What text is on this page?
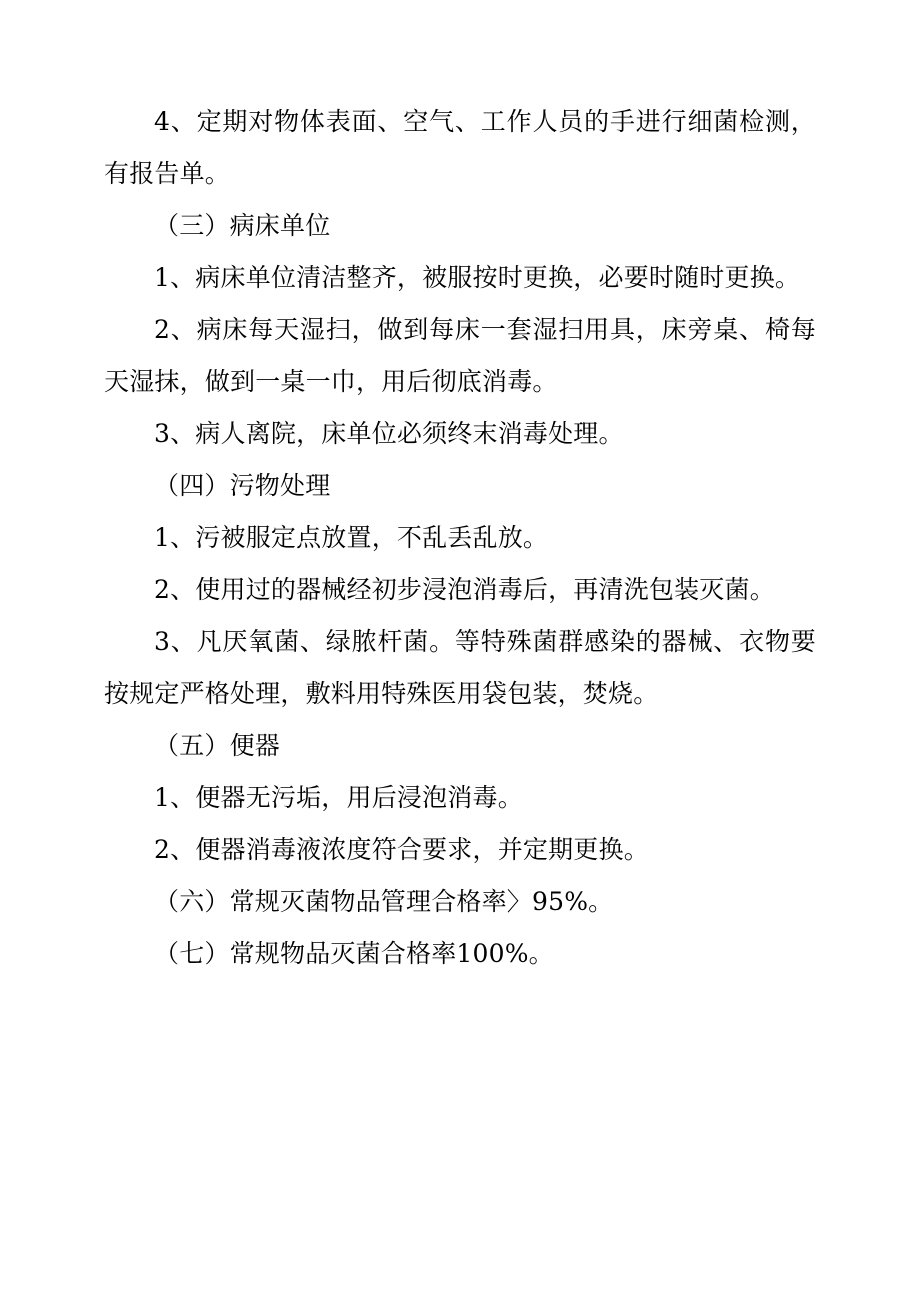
4、定期对物体表面、空气、工作人员的手进行细菌检测，有报告单。

（三）病床单位

1、病床单位清洁整齐，被服按时更换，必要时随时更换。

2、病床每天湿扫，做到每床一套湿扫用具，床旁桌、椅每天湿抹，做到一桌一巾，用后彻底消毒。

3、病人离院，床单位必须终末消毒处理。

（四）污物处理

1、污被服定点放置，不乱丢乱放。

2、使用过的器械经初步浸泡消毒后，再清洗包装灭菌。

3、凡厌氧菌、绿脓杆菌。等特殊菌群感染的器械、衣物要按规定严格处理，敷料用特殊医用袋包装，焚烧。

（五）便器

1、便器无污垢，用后浸泡消毒。

2、便器消毒液浓度符合要求，并定期更换。

（六）常规灭菌物品管理合格率〉95%。

（七）常规物品灭菌合格率100%。
